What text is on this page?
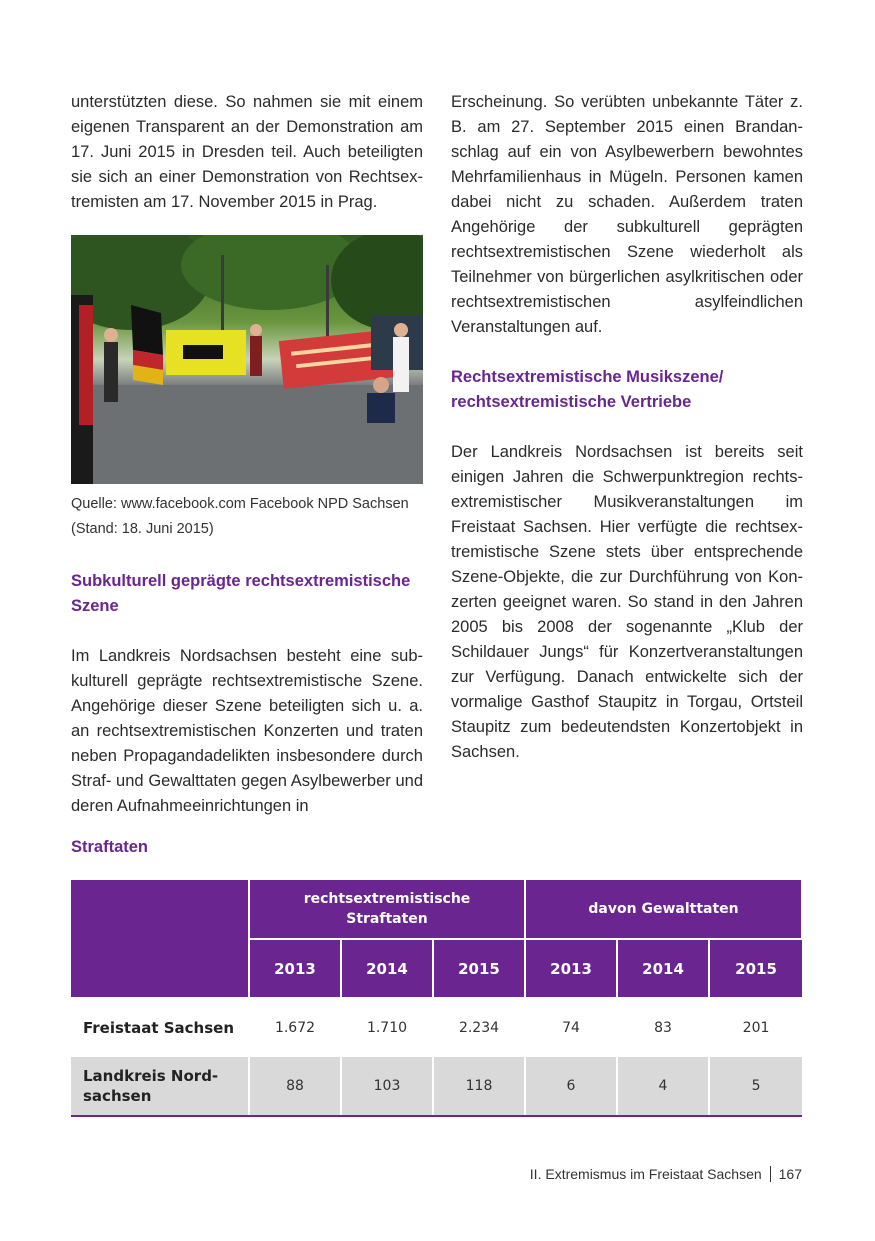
unterstützten diese. So nahmen sie mit einem eigenen Transparent an der Demonstration am 17. Juni 2015 in Dresden teil. Auch beteiligten sie sich an einer Demonstration von Rechtsextremisten am 17. November 2015 in Prag.

Quelle: www.facebook.com Facebook NPD Sachsen
(Stand: 18. Juni 2015)

Subkulturell geprägte rechtsextremistische Szene

Im Landkreis Nordsachsen besteht eine subkulturell geprägte rechtsextremistische Szene. Angehörige dieser Szene beteiligten sich u. a. an rechtsextremistischen Konzerten und traten neben Propagandadelikten insbesondere durch Straf- und Gewalttaten gegen Asylbewerber und deren Aufnahmeeinrichtungen in

Erscheinung. So verübten unbekannte Täter z. B. am 27. September 2015 einen Brandanschlag auf ein von Asylbewerbern bewohntes Mehrfamilienhaus in Mügeln. Personen kamen dabei nicht zu schaden. Außerdem traten Angehörige der subkulturell geprägten rechtsextremistischen Szene wiederholt als Teilnehmer von bürgerlichen asylkritischen oder rechtsextremistischen asylfeindlichen Veranstaltungen auf.

Rechtsextremistische Musikszene/
rechtsextremistische Vertriebe

Der Landkreis Nordsachsen ist bereits seit einigen Jahren die Schwerpunktregion rechtsextremistischer Musikveranstaltungen im Freistaat Sachsen. Hier verfügte die rechtsextremistische Szene stets über entsprechende Szene-Objekte, die zur Durchführung von Konzerten geeignet waren. So stand in den Jahren 2005 bis 2008 der sogenannte „Klub der Schildauer Jungs“ für Konzertveranstaltungen zur Verfügung. Danach entwickelte sich der vormalige Gasthof Staupitz in Torgau, Ortsteil Staupitz zum bedeutendsten Konzertobjekt in Sachsen.

Straftaten
	rechtsextremistische
Straftaten			davon Gewalttaten		
	2013	2014	2015	2013	2014	2015
Freistaat Sachsen	1.672	1.710	2.234	74	83	201
Landkreis Nord-
sachsen	88	103	118	6	4	5
II. Extremismus im Freistaat Sachsen 167
